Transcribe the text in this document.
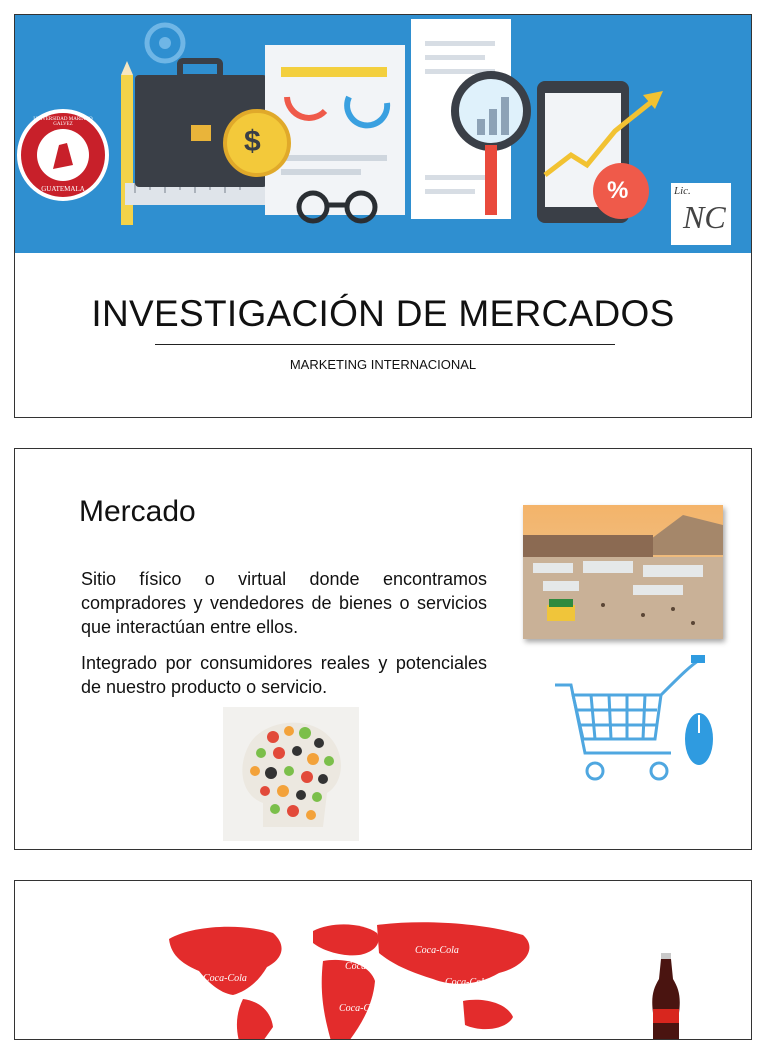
$
%
UNIVERSIDAD MARIANO GALVEZ
GUATEMALA	Lic.
NC
INVESTIGACIÓN DE MERCADOS
MARKETING INTERNACIONAL
Mercado
Sitio físico o virtual donde encontramos compradores y vendedores de bienes o servicios que interactúan entre ellos.
Integrado por consumidores reales y potenciales de nuestro producto o servicio.
Coca-Cola
Coca-Cola
Coca-Cola
Coca-Cola
Coca-Cola
Coca-Cola
